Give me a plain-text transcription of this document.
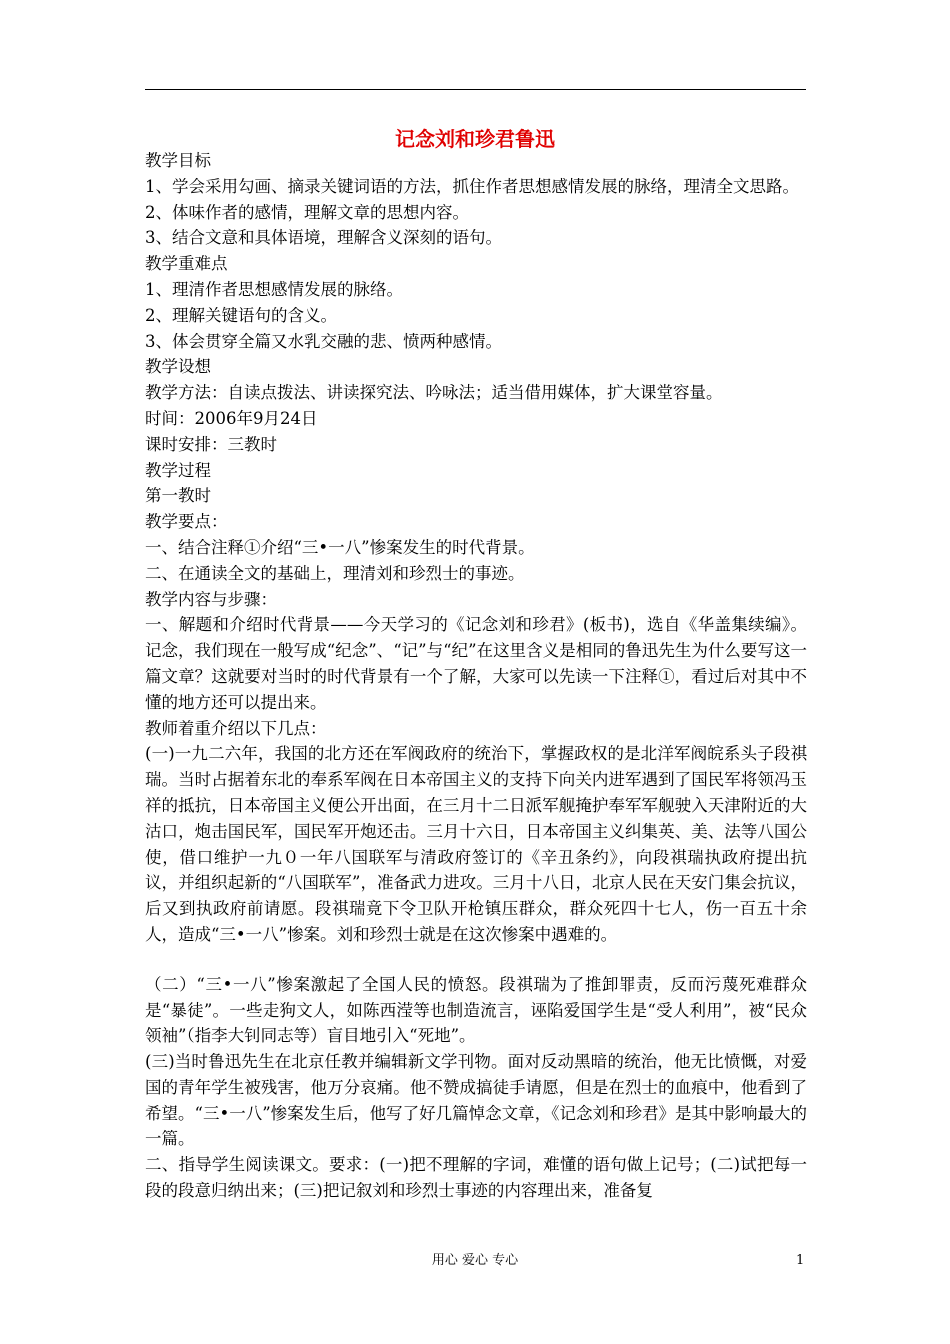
记念刘和珍君鲁迅

教学目标

1、学会采用勾画、摘录关键词语的方法，抓住作者思想感情发展的脉络，理清全文思路。

2、体味作者的感情，理解文章的思想内容。

3、结合文意和具体语境，理解含义深刻的语句。

教学重难点

1、理清作者思想感情发展的脉络。

2、理解关键语句的含义。

3、体会贯穿全篇又水乳交融的悲、愤两种感情。

教学设想

教学方法：自读点拨法、讲读探究法、吟咏法；适当借用媒体，扩大课堂容量。

时间：2006年9月24日

课时安排：三教时

教学过程

第一教时

教学要点：

一、结合注释①介绍“三•一八”惨案发生的时代背景。

二、在通读全文的基础上，理清刘和珍烈士的事迹。

教学内容与步骤：

一、解题和介绍时代背景——今天学习的《记念刘和珍君》(板书)，选自《华盖集续编》。记念，我们现在一般写成“纪念”、“记”与“纪”在这里含义是相同的鲁迅先生为什么要写这一篇文章？这就要对当时的时代背景有一个了解，大家可以先读一下注释①，看过后对其中不懂的地方还可以提出来。

教师着重介绍以下几点：

(一)一九二六年，我国的北方还在军阀政府的统治下，掌握政权的是北洋军阀皖系头子段祺瑞。当时占据着东北的奉系军阀在日本帝国主义的支持下向关内进军遇到了国民军将领冯玉祥的抵抗，日本帝国主义便公开出面，在三月十二日派军舰掩护奉军军舰驶入天津附近的大沽口，炮击国民军，国民军开炮还击。三月十六日，日本帝国主义纠集英、美、法等八国公使，借口维护一九０一年八国联军与清政府签订的《辛丑条约》，向段祺瑞执政府提出抗议，并组织起新的“八国联军”，准备武力进攻。三月十八日，北京人民在天安门集会抗议，后又到执政府前请愿。段祺瑞竟下令卫队开枪镇压群众，群众死四十七人，伤一百五十余人，造成“三•一八”惨案。刘和珍烈士就是在这次惨案中遇难的。

（二）“三•一八”惨案激起了全国人民的愤怒。段祺瑞为了推卸罪责，反而污蔑死难群众是“暴徒”。一些走狗文人，如陈西滢等也制造流言，诬陷爱国学生是“受人利用”，被“民众领袖”（指李大钊同志等）盲目地引入“死地”。

(三)当时鲁迅先生在北京任教并编辑新文学刊物。面对反动黑暗的统治，他无比愤慨，对爱国的青年学生被残害，他万分哀痛。他不赞成搞徒手请愿，但是在烈士的血痕中，他看到了希望。“三•一八”惨案发生后，他写了好几篇悼念文章，《记念刘和珍君》是其中影响最大的一篇。

二、指导学生阅读课文。要求：(一)把不理解的字词，难懂的语句做上记号；(二)试把每一段的段意归纳出来；(三)把记叙刘和珍烈士事迹的内容理出来，准备复

用心 爱心 专心	1
